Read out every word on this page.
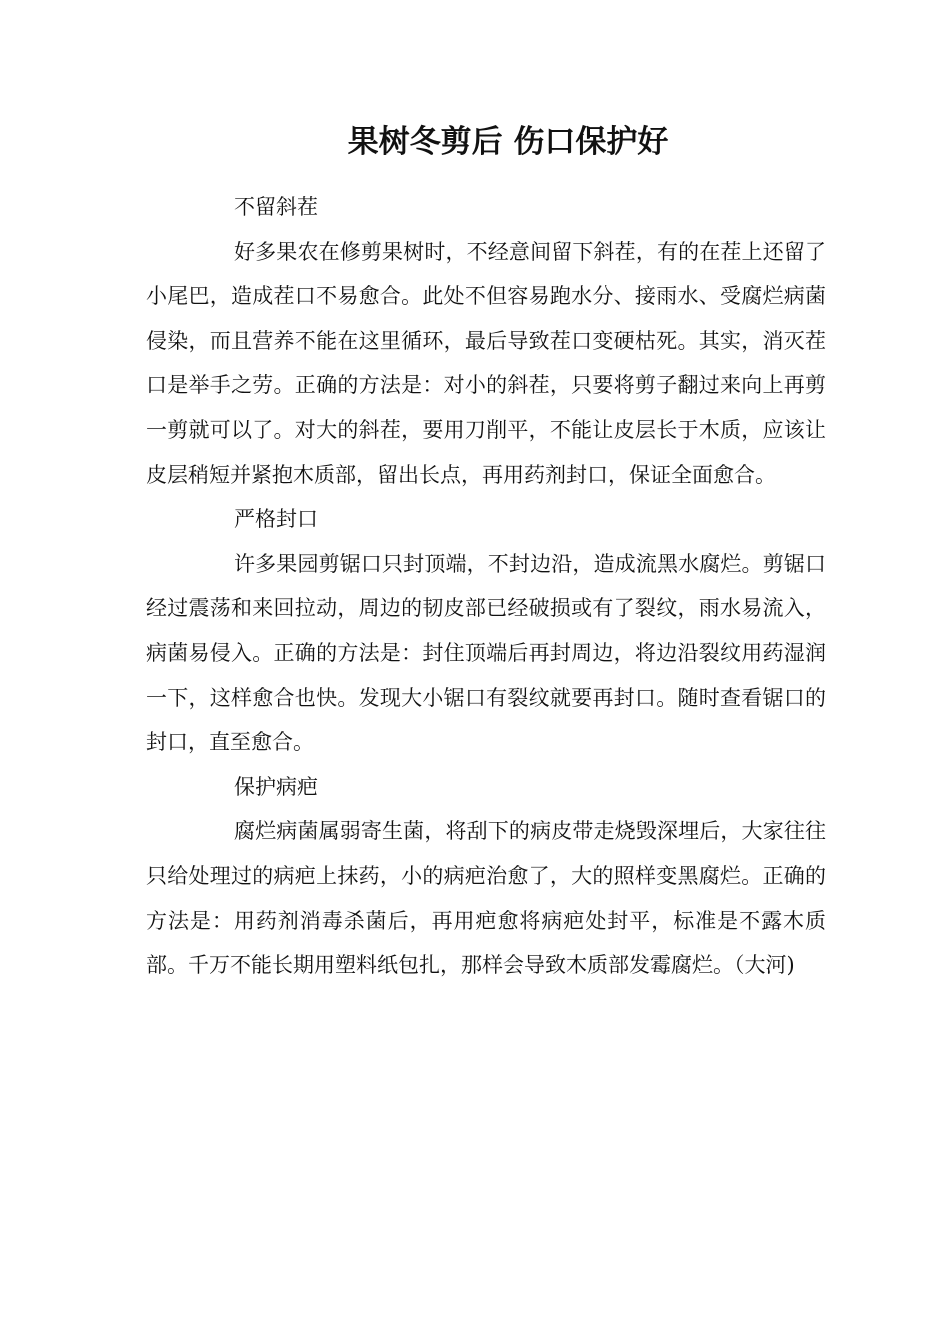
果树冬剪后 伤口保护好

不留斜茬

好多果农在修剪果树时，不经意间留下斜茬，有的在茬上还留了小尾巴，造成茬口不易愈合。此处不但容易跑水分、接雨水、受腐烂病菌侵染，而且营养不能在这里循环，最后导致茬口变硬枯死。其实，消灭茬口是举手之劳。正确的方法是：对小的斜茬，只要将剪子翻过来向上再剪一剪就可以了。对大的斜茬，要用刀削平，不能让皮层长于木质，应该让皮层稍短并紧抱木质部，留出长点，再用药剂封口，保证全面愈合。

严格封口

许多果园剪锯口只封顶端，不封边沿，造成流黑水腐烂。剪锯口经过震荡和来回拉动，周边的韧皮部已经破损或有了裂纹，雨水易流入，病菌易侵入。正确的方法是：封住顶端后再封周边，将边沿裂纹用药湿润一下，这样愈合也快。发现大小锯口有裂纹就要再封口。随时查看锯口的封口，直至愈合。

保护病疤

腐烂病菌属弱寄生菌，将刮下的病皮带走烧毁深埋后，大家往往只给处理过的病疤上抹药，小的病疤治愈了，大的照样变黑腐烂。正确的方法是：用药剂消毒杀菌后，再用疤愈将病疤处封平，标准是不露木质部。千万不能长期用塑料纸包扎，那样会导致木质部发霉腐烂。（大河)
